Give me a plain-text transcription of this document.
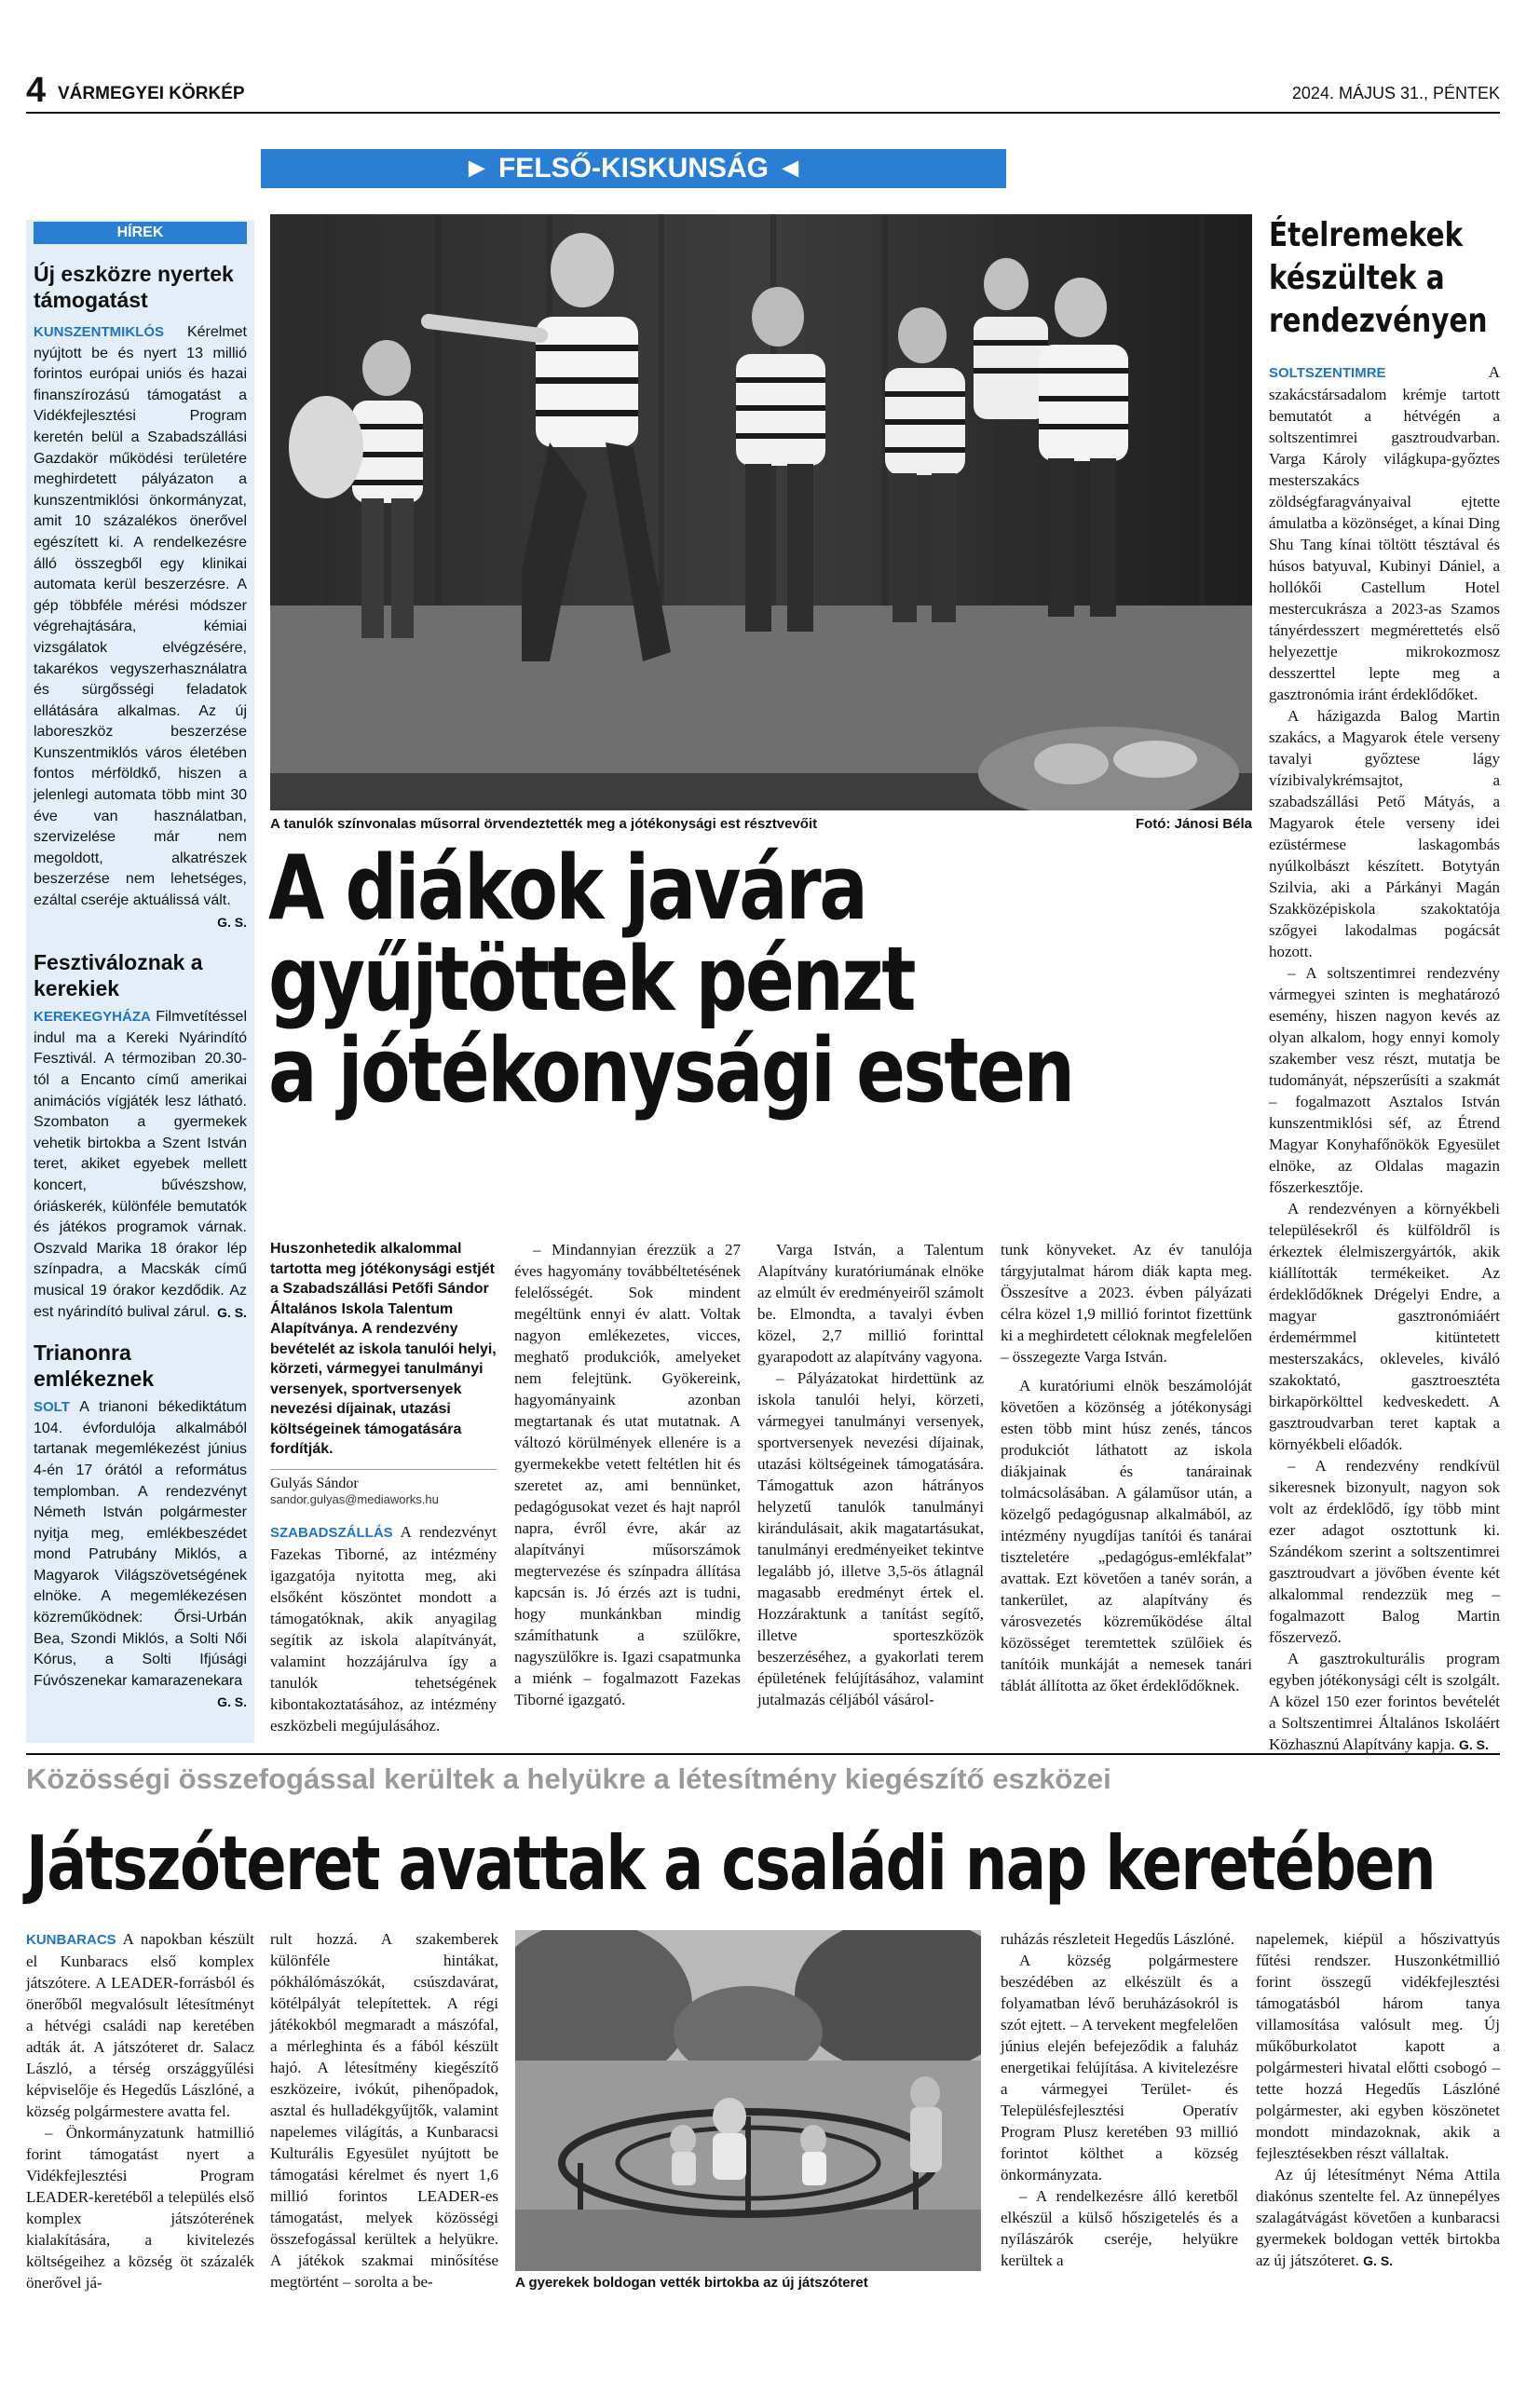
4 VÁRMEGYEI KÖRKÉP	2024. MÁJUS 31., PÉNTEK
► FELSŐ-KISKUNSÁG ◄
HÍREK
Új eszközre nyertek támogatást

KUNSZENTMIKLÓS Kérelmet nyújtott be és nyert 13 millió forintos európai uniós és hazai finanszírozású támogatást a Vidékfejlesztési Program keretén belül a Szabadszállási Gazdakör működési területére meghirdetett pályázaton a kunszentmiklósi önkormányzat, amit 10 százalékos önerővel egészített ki. A rendelkezésre álló összegből egy klinikai automata kerül beszerzésre. A gép többféle mérési módszer végrehajtására, kémiai vizsgálatok elvégzésére, takarékos vegyszerhasználatra és sürgősségi feladatok ellátására alkalmas. Az új laboreszköz beszerzése Kunszentmiklós város életében fontos mérföldkő, hiszen a jelenlegi automata több mint 30 éve van használatban, szervizelése már nem megoldott, alkatrészek beszerzése nem lehetséges, ezáltal cseréje aktuálissá vált.
G. S.

Fesztiváloznak a kerekiek

KEREKEGYHÁZA Filmvetítéssel indul ma a Kereki Nyárindító Fesztivál. A térmoziban 20.30-tól a Encanto című amerikai animációs vígjáték lesz látható. Szombaton a gyermekek vehetik birtokba a Szent István teret, akiket egyebek mellett koncert, bűvészshow, óriáskerék, különféle bemutatók és játékos programok várnak. Oszvald Marika 18 órakor lép színpadra, a Macskák című musical 19 órakor kezdődik. Az est nyárindító bulival zárul. G. S.

Trianonra emlékeznek

SOLT A trianoni békediktátum 104. évfordulója alkalmából tartanak megemlékezést június 4-én 17 órától a református templomban. A rendezvényt Németh István polgármester nyitja meg, emlékbeszédet mond Patrubány Miklós, a Magyarok Világszövetségének elnöke. A megemlékezésen közreműködnek: Őrsi-Urbán Bea, Szondi Miklós, a Solti Női Kórus, a Solti Ifjúsági Fúvószenekar kamarazenekara
G. S.

A tanulók színvonalas műsorral örvendeztették meg a jótékonysági est résztvevőit	Fotó: Jánosi Béla
A diákok javára
gyűjtöttek pénzt
a jótékonysági esten

Huszonhetedik alkalommal tartotta meg jótékonysági estjét a Szabadszállási Petőfi Sándor Általános Iskola Talentum Alapítványa. A rendezvény bevételét az iskola tanulói helyi, körzeti, vármegyei tanulmányi versenyek, sportversenyek nevezési díjainak, utazási költségeinek támogatására fordítják.

Gulyás Sándor
sandor.gulyas@mediaworks.hu

SZABADSZÁLLÁS A rendezvényt Fazekas Tiborné, az intézmény igazgatója nyitotta meg, aki elsőként köszöntet mondott a támogatóknak, akik anyagilag segítik az iskola alapítványát, valamint hozzájárulva így a tanulók tehetségének kibontakoztatásához, az intézmény eszközbeli megújulásához.

– Mindannyian érezzük a 27 éves hagyomány továbbéltetésének felelősségét. Sok mindent megéltünk ennyi év alatt. Voltak nagyon emlékezetes, vicces, meghatő produkciók, amelyeket nem felejtünk. Gyökereink, hagyományaink azonban megtartanak és utat mutatnak. A változó körülmények ellenére is a gyermekekbe vetett feltétlen hit és szeretet az, ami bennünket, pedagógusokat vezet és hajt napról napra, évről évre, akár az alapítványi műsorszámok megtervezése és színpadra állítása kapcsán is. Jó érzés azt is tudni, hogy munkánkban mindig számíthatunk a szülőkre, nagyszülőkre is. Igazi csapatmunka a miénk – fogalmazott Fazekas Tiborné igazgató.

Varga István, a Talentum Alapítvány kuratóriumának elnöke az elmúlt év eredményeiről számolt be. Elmondta, a tavalyi évben közel, 2,7 millió forinttal gyarapodott az alapítvány vagyona.

– Pályázatokat hirdettünk az iskola tanulói helyi, körzeti, vármegyei tanulmányi versenyek, sportversenyek nevezési díjainak, utazási költségeinek támogatására. Támogattuk azon hátrányos helyzetű tanulók tanulmányi kirándulásait, akik magatartásukat, tanulmányi eredményeiket tekintve legalább jó, illetve 3,5-ös átlagnál magasabb eredményt értek el. Hozzáraktunk a tanítást segítő, illetve sporteszközök beszerzéséhez, a gyakorlati terem épületének felújításához, valamint jutalmazás céljából vásárol-

tunk könyveket. Az év tanulója tárgyjutalmat három diák kapta meg. Összesítve a 2023. évben pályázati célra közel 1,9 millió forintot fizettünk ki a meghirdetett céloknak megfelelően – összegezte Varga István.

A kuratóriumi elnök beszámolóját követően a közönség a jótékonysági esten több mint húsz zenés, táncos produkciót láthatott az iskola diákjainak és tanárainak tolmácsolásában. A gálaműsor után, a közelgő pedagógusnap alkalmából, az intézmény nyugdíjas tanítói és tanárai tiszteletére „pedagógus-emlékfalat” avattak. Ezt követően a tanév során, a tankerület, az alapítvány és városvezetés közreműködése által közösséget teremtettek szülőiek és tanítóik munkáját a nemesek tanári táblát állította az őket érdeklődőknek.

Ételremekek
készültek a
rendezvényen

SOLTSZENTIMRE	A szakácstársadalom krémje tartott bemutatót a hétvégén a soltszentimrei gasztroudvarban. Varga Károly világkupa-győztes mesterszakács zöldségfaragványaival ejtette ámulatba a közönséget, a kínai Ding Shu Tang kínai töltött tésztával és húsos batyuval, Kubinyi Dániel, a hollókői Castellum Hotel mestercukrásza a 2023-as Szamos tányérdesszert megmérettetés első helyezettje mikrokozmosz desszerttel lepte meg a gasztronómia iránt érdeklődőket.

A házigazda Balog Martin szakács, a Magyarok étele verseny tavalyi győztese lágy vízibivalykrémsajtot, a szabadszállási Pető Mátyás, a Magyarok étele verseny idei ezüstérmese laskagombás nyúlkolbászt készített. Botytyán Szilvia, aki a Párkányi Magán Szakközépiskola szakoktatója szőgyei lakodalmas pogácsát hozott.

– A soltszentimrei rendezvény vármegyei szinten is meghatározó esemény, hiszen nagyon kevés az olyan alkalom, hogy ennyi komoly szakember vesz részt, mutatja be tudományát, népszerűsíti a szakmát – fogalmazott Asztalos István kunszentmiklósi séf, az Étrend Magyar Konyhafőnökök Egyesület elnöke, az Oldalas magazin főszerkesztője.

A rendezvényen a környékbeli településekről és külföldről is érkeztek élelmiszergyártók, akik kiállították termékeiket. Az érdeklődőknek Drégelyi Endre, a magyar gasztronómiáért érdemérmmel kitüntetett mesterszakács, okleveles, kiváló szakoktató, gasztroesztéta birkapörkölttel kedveskedett. A gasztroudvarban teret kaptak a környékbeli előadók.

– A rendezvény rendkívül sikeresnek bizonyult, nagyon sok volt az érdeklődő, így több mint ezer adagot osztottunk ki. Szándékom szerint a soltszentimrei gasztroudvart a jövőben évente két alkalommal rendezzük meg – fogalmazott Balog Martin főszervező.

A gasztrokulturális program egyben jótékonysági célt is szolgált. A közel 150 ezer forintos bevételét a Soltszentimrei Általános Iskoláért Közhasznú Alapítvány kapja. G. S.

Közösségi összefogással kerültek a helyükre a létesítmény kiegészítő eszközei
Játszóteret avattak a családi nap keretében

KUNBARACS A napokban készült el Kunbaracs első komplex játszótere. A LEADER-forrásból és önerőből megvalósult létesítményt a hétvégi családi nap keretében adták át. A játszóteret dr. Salacz László, a térség országgyűlési képviselője és Hegedűs Lászlóné, a község polgármestere avatta fel.

– Önkormányzatunk hatmillió forint támogatást nyert a Vidékfejlesztési Program LEADER-keretéből a település első komplex játszóterének kialakítására, a kivitelezés költségeihez a község öt százalék önerővel já-

rult hozzá. A szakemberek különféle hintákat, pókhálómászókát, csúszdavárat, kötélpályát telepítettek. A régi játékokból megmaradt a mászófal, a mérleghinta és a fából készült hajó. A létesítmény kiegészítő eszközeire, ivókút, pihenőpadok, asztal és hulladékgyűjtők, valamint napelemes világítás, a Kunbaracsi Kulturális Egyesület nyújtott be támogatási kérelmet és nyert 1,6 millió forintos LEADER-es támogatást, melyek közösségi összefogással kerültek a helyükre. A játékok szakmai minősítése megtörtént – sorolta a be-	A gyerekek boldogan vették birtokba az új játszóteret

ruházás részleteit Hegedűs Lászlóné.

A község polgármestere beszédében az elkészült és a folyamatban lévő beruházásokról is szót ejtett. – A tervekent megfelelően június elején befejeződik a faluház energetikai felújítása. A kivitelezésre a vármegyei Terület- és Településfejlesztési Operatív Program Plusz keretében 93 millió forintot költhet a község önkormányzata.

– A rendelkezésre álló keretből elkészül a külső hőszigetelés és a nyílászárók cseréje, helyükre kerültek a

napelemek, kiépül a hőszivattyús fűtési rendszer. Huszonkétmillió forint összegű vidékfejlesztési támogatásból három tanya villamosítása valósult meg. Új műkőburkolatot kapott a polgármesteri hivatal előtti csobogó – tette hozzá Hegedűs Lászlóné polgármester, aki egyben köszönetet mondott mindazoknak, akik a fejlesztésekben részt vállaltak.

Az új létesítményt Néma Attila diakónus szentelte fel. Az ünnepélyes szalagátvágást követően a kunbaracsi gyermekek boldogan vették birtokba az új játszóteret. G. S.
